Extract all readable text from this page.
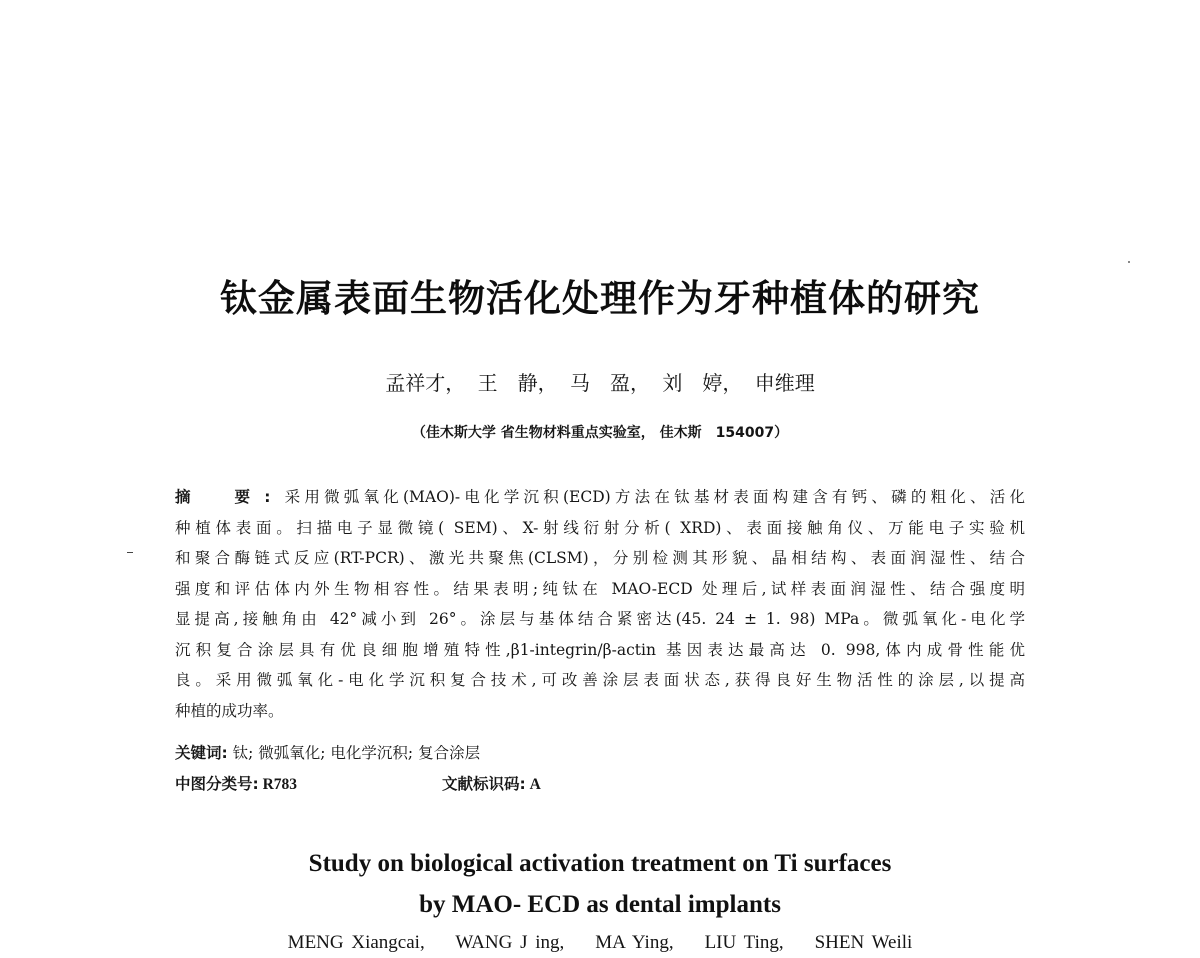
钛金属表面生物活化处理作为牙种植体的研究
孟祥才， 王　静， 马　盈， 刘　婷， 申维理
（佳木斯大学 省生物材料重点实验室， 佳木斯　154007）
摘　要:采用微弧氧化(MAO)-电化学沉积(ECD)方法在钛基材表面构建含有钙、磷的粗化、活化
种植体表面。扫描电子显微镜( SEM)、X-射线衍射分析( XRD)、表面接触角仪、万能电子实验机
和聚合酶链式反应(RT-PCR)、激光共聚焦(CLSM)，分别检测其形貌、晶相结构、表面润湿性、结合
强度和评估体内外生物相容性。结果表明;纯钛在 MAO-ECD 处理后,试样表面润湿性、结合强度明
显提高,接触角由 42°减小到 26°。涂层与基体结合紧密达(45. 24 ± 1. 98) MPa。微弧氧化-电化学
沉积复合涂层具有优良细胞增殖特性,β1-integrin/β-actin 基因表达最高达 0. 998,体内成骨性能优
良。采用微弧氧化-电化学沉积复合技术,可改善涂层表面状态,获得良好生物活性的涂层,以提高
种植的成功率。
关键词: 钛; 微弧氧化; 电化学沉积; 复合涂层
中图分类号: R783	文献标识码: A
Study on biological activation treatment on Ti surfaces
by MAO- ECD as dental implants
MENG Xiangcai,    WANG J ing,    MA Ying,    LIU Ting,    SHEN Weili
